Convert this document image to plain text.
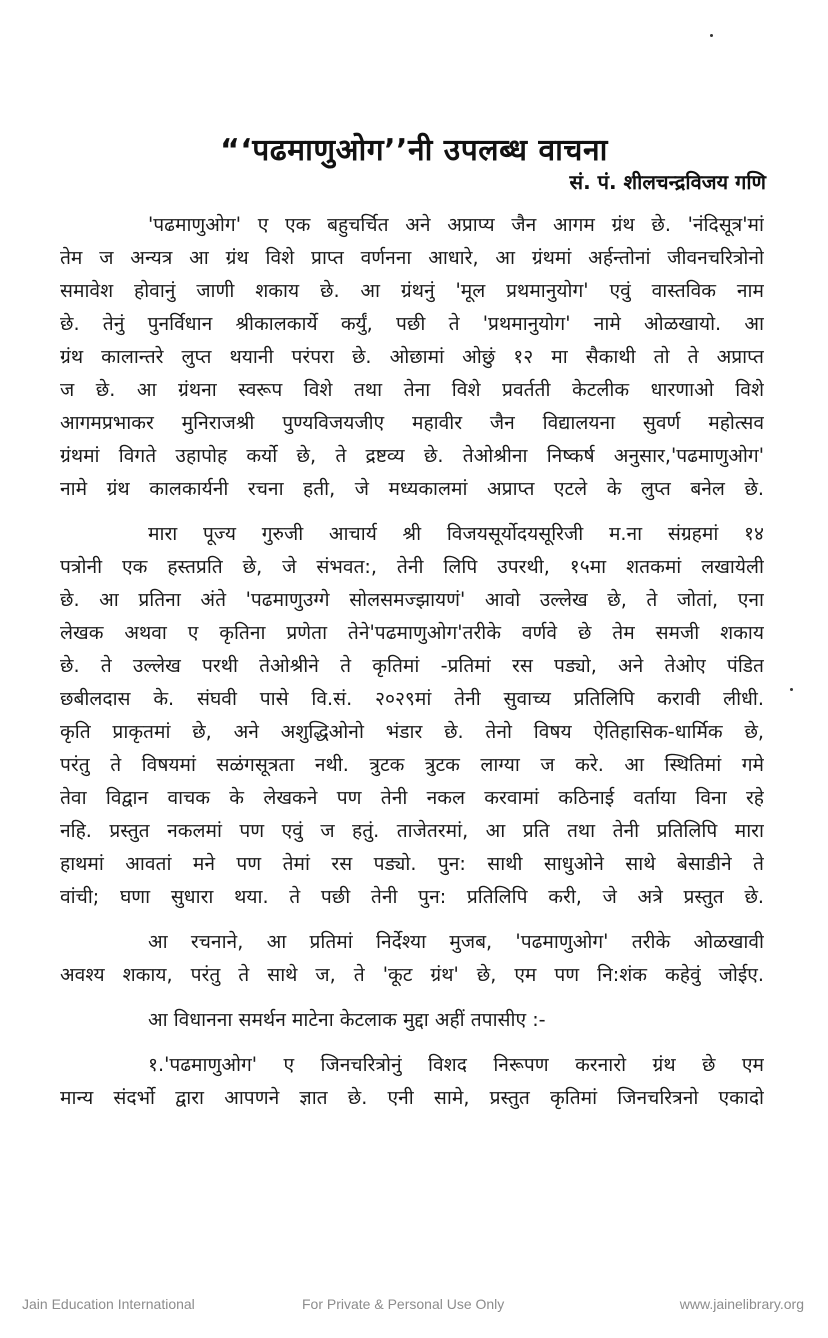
“‘पढमाणुओग’’नी उपलब्ध वाचना
सं. पं. शीलचन्द्रविजय गणि

'पढमाणुओग' ए एक बहुचर्चित अने अप्राप्य जैन आगम ग्रंथ छे. 'नंदिसूत्र'मां
तेम ज अन्यत्र आ ग्रंथ विशे प्राप्त वर्णनना आधारे, आ ग्रंथमां अर्हन्तोनां जीवनचरित्रोनो
समावेश होवानुं जाणी शकाय छे. आ ग्रंथनुं 'मूल प्रथमानुयोग' एवुं वास्तविक नाम
छे. तेनुं पुनर्विधान श्रीकालकार्ये कर्युं, पछी ते 'प्रथमानुयोग' नामे ओळखायो. आ
ग्रंथ कालान्तरे लुप्त थयानी परंपरा छे. ओछामां ओछुं १२ मा सैकाथी तो ते अप्राप्त
ज छे. आ ग्रंथना स्वरूप विशे तथा तेना विशे प्रवर्तती केटलीक धारणाओ विशे
आगमप्रभाकर मुनिराजश्री पुण्यविजयजीए महावीर जैन विद्यालयना सुवर्ण महोत्सव
ग्रंथमां विगते उहापोह कर्यो छे, ते द्रष्टव्य छे. तेओश्रीना निष्कर्ष अनुसार,'पढमाणुओग'
नामे ग्रंथ कालकार्यनी रचना हती, जे मध्यकालमां अप्राप्त एटले के लुप्त बनेल छे.

मारा पूज्य गुरुजी आचार्य श्री विजयसूर्योदयसूरिजी म.ना संग्रहमां १४
पत्रोनी एक हस्तप्रति छे, जे संभवत:, तेनी लिपि उपरथी, १५मा शतकमां लखायेली
छे. आ प्रतिना अंते 'पढमाणुउग्गे सोलसमज्झायणं' आवो उल्लेख छे, ते जोतां, एना
लेखक अथवा ए कृतिना प्रणेता तेने'पढमाणुओग'तरीके वर्णवे छे तेम समजी शकाय
छे. ते उल्लेख परथी तेओश्रीने ते कृतिमां -प्रतिमां रस पड्यो, अने तेओए पंडित
छबीलदास के. संघवी पासे वि.सं. २०२९मां तेनी सुवाच्य प्रतिलिपि करावी लीधी.
कृति प्राकृतमां छे, अने अशुद्धिओनो भंडार छे. तेनो विषय ऐतिहासिक-धार्मिक छे,
परंतु ते विषयमां सळंगसूत्रता नथी. त्रुटक त्रुटक लाग्या ज करे. आ स्थितिमां गमे
तेवा विद्वान वाचक के लेखकने पण तेनी नकल करवामां कठिनाई वर्ताया विना रहे
नहि. प्रस्तुत नकलमां पण एवुं ज हतुं. ताजेतरमां, आ प्रति तथा तेनी प्रतिलिपि मारा
हाथमां आवतां मने पण तेमां रस पड्यो. पुन: साथी साधुओने साथे बेसाडीने ते
वांची; घणा सुधारा थया. ते पछी तेनी पुन: प्रतिलिपि करी, जे अत्रे प्रस्तुत छे.

आ रचनाने, आ प्रतिमां निर्देश्या मुजब, 'पढमाणुओग' तरीके ओळखावी
अवश्य शकाय, परंतु ते साथे ज, ते 'कूट ग्रंथ' छे, एम पण नि:शंक कहेवुं जोईए.

आ विधानना समर्थन माटेना केटलाक मुद्दा अहीं तपासीए :-

१.'पढमाणुओग' ए जिनचरित्रोनुं विशद निरूपण करनारो ग्रंथ छे एम
मान्य संदर्भो द्वारा आपणने ज्ञात छे. एनी सामे, प्रस्तुत कृतिमां जिनचरित्रनो एकादो

Jain Education International	For Private & Personal Use Only	www.jainelibrary.org
